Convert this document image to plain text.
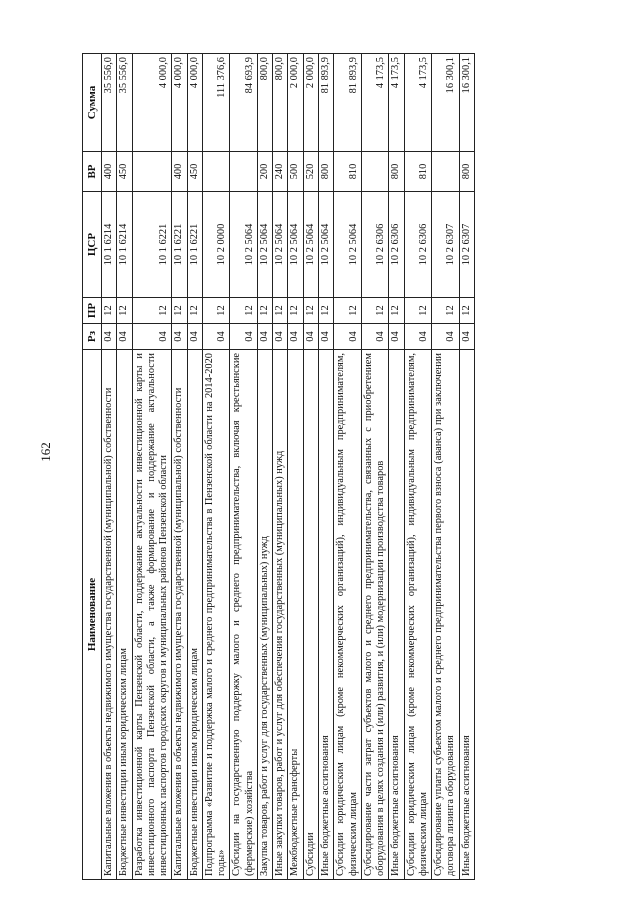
162
Наименование	Рз	ПР	ЦСР	ВР	Сумма
Капитальные вложения в объекты недвижимого имущества государственной (муниципальной) собственности	04	12	10 1 6214	400	35 556,0
Бюджетные инвестиции иным юридическим лицам	04	12	10 1 6214	450	35 556,0
Разработка инвестиционной карты Пензенской области, поддержание актуальности инвестиционной карты и инвестиционного паспорта Пензенской области, а также формирование и поддержание актуальности инвестиционных паспортов городских округов и муниципальных районов Пензенской области	04	12	10 1 6221		4 000,0
Капитальные вложения в объекты недвижимого имущества государственной (муниципальной) собственности	04	12	10 1 6221	400	4 000,0
Бюджетные инвестиции иным юридическим лицам	04	12	10 1 6221	450	4 000,0
Подпрограмма «Развитие и поддержка малого и среднего предпринимательства в Пензенской области на 2014-2020 годы»	04	12	10 2 0000		111 376,6
Субсидии на государственную поддержку малого и среднего предпринимательства, включая крестьянские (фермерские) хозяйства	04	12	10 2 5064		84 693,9
Закупка товаров, работ и услуг для государственных (муниципальных) нужд	04	12	10 2 5064	200	800,0
Иные закупки товаров, работ и услуг для обеспечения государственных (муниципальных) нужд	04	12	10 2 5064	240	800,0
Межбюджетные трансферты	04	12	10 2 5064	500	2 000,0
Субсидии	04	12	10 2 5064	520	2 000,0
Иные бюджетные ассигнования	04	12	10 2 5064	800	81 893,9
Субсидии юридическим лицам (кроме некоммерческих организаций), индивидуальным предпринимателям, физическим лицам	04	12	10 2 5064	810	81 893,9
Субсидирование части затрат субъектов малого и среднего предпринимательства, связанных с приобретением оборудования в целях создания и (или) развития, и (или) модернизации производства товаров	04	12	10 2 6306		4 173,5
Иные бюджетные ассигнования	04	12	10 2 6306	800	4 173,5
Субсидии юридическим лицам (кроме некоммерческих организаций), индивидуальным предпринимателям, физическим лицам	04	12	10 2 6306	810	4 173,5
Субсидирование уплаты субъектом малого и среднего предпринимательства первого взноса (аванса) при заключении договора лизинга оборудования	04	12	10 2 6307		16 300,1
Иные бюджетные ассигнования	04	12	10 2 6307	800	16 300,1
